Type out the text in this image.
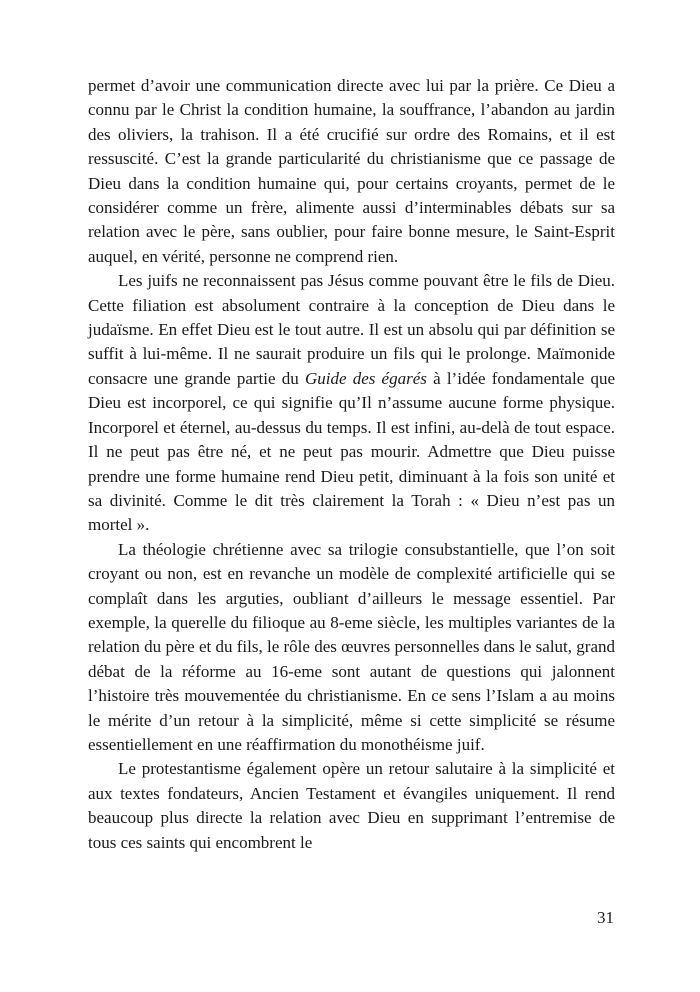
permet d’avoir une communication directe avec lui par la prière. Ce Dieu a connu par le Christ la condition humaine, la souffrance, l’abandon au jardin des oliviers, la trahison. Il a été crucifié sur ordre des Romains, et il est ressuscité. C’est la grande particularité du christianisme que ce passage de Dieu dans la condition humaine qui, pour certains croyants, permet de le considérer comme un frère, alimente aussi d’interminables débats sur sa relation avec le père, sans oublier, pour faire bonne mesure, le Saint-Esprit auquel, en vérité, personne ne comprend rien.

Les juifs ne reconnaissent pas Jésus comme pouvant être le fils de Dieu. Cette filiation est absolument contraire à la conception de Dieu dans le judaïsme. En effet Dieu est le tout autre. Il est un absolu qui par définition se suffit à lui-même. Il ne saurait produire un fils qui le prolonge. Maïmonide consacre une grande partie du Guide des égarés à l’idée fondamentale que Dieu est incorporel, ce qui signifie qu’Il n’assume aucune forme physique. Incorporel et éternel, au-dessus du temps. Il est infini, au-delà de tout espace. Il ne peut pas être né, et ne peut pas mourir. Admettre que Dieu puisse prendre une forme humaine rend Dieu petit, diminuant à la fois son unité et sa divinité. Comme le dit très clairement la Torah : « Dieu n’est pas un mortel ».

La théologie chrétienne avec sa trilogie consubstantielle, que l’on soit croyant ou non, est en revanche un modèle de complexité artificielle qui se complaît dans les arguties, oubliant d’ailleurs le message essentiel. Par exemple, la querelle du filioque au 8-eme siècle, les multiples variantes de la relation du père et du fils, le rôle des œuvres personnelles dans le salut, grand débat de la réforme au 16-eme sont autant de questions qui jalonnent l’histoire très mouvementée du christianisme. En ce sens l’Islam a au moins le mérite d’un retour à la simplicité, même si cette simplicité se résume essentiellement en une réaffirmation du monothéisme juif.

Le protestantisme également opère un retour salutaire à la simplicité et aux textes fondateurs, Ancien Testament et évangiles uniquement. Il rend beaucoup plus directe la relation avec Dieu en supprimant l’entremise de tous ces saints qui encombrent le

31
